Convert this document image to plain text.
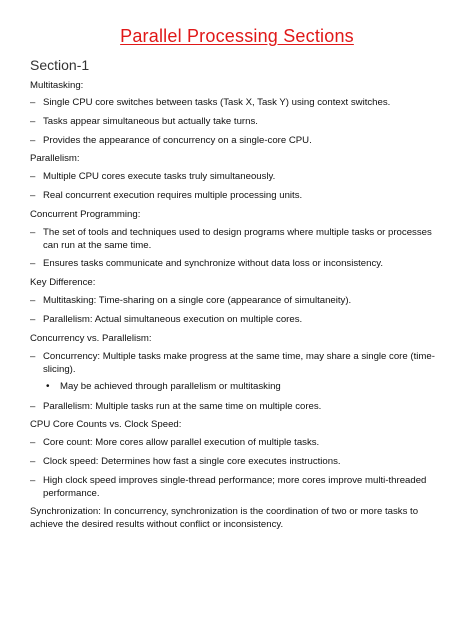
Parallel Processing Sections
Section-1
Multitasking:
– Single CPU core switches between tasks (Task X, Task Y) using context switches.
– Tasks appear simultaneous but actually take turns.
– Provides the appearance of concurrency on a single-core CPU.
Parallelism:
– Multiple CPU cores execute tasks truly simultaneously.
– Real concurrent execution requires multiple processing units.
Concurrent Programming:
– The set of tools and techniques used to design programs where multiple tasks or processes can run at the same time.
– Ensures tasks communicate and synchronize without data loss or inconsistency.
Key Difference:
– Multitasking: Time-sharing on a single core (appearance of simultaneity).
– Parallelism: Actual simultaneous execution on multiple cores.
Concurrency vs. Parallelism:
– Concurrency: Multiple tasks make progress at the same time, may share a single core (time-slicing).
• May be achieved through parallelism or multitasking
– Parallelism: Multiple tasks run at the same time on multiple cores.
CPU Core Counts vs. Clock Speed:
– Core count: More cores allow parallel execution of multiple tasks.
– Clock speed: Determines how fast a single core executes instructions.
– High clock speed improves single-thread performance; more cores improve multi-threaded performance.
Synchronization: In concurrency, synchronization is the coordination of two or more tasks to achieve the desired results without conflict or inconsistency.
